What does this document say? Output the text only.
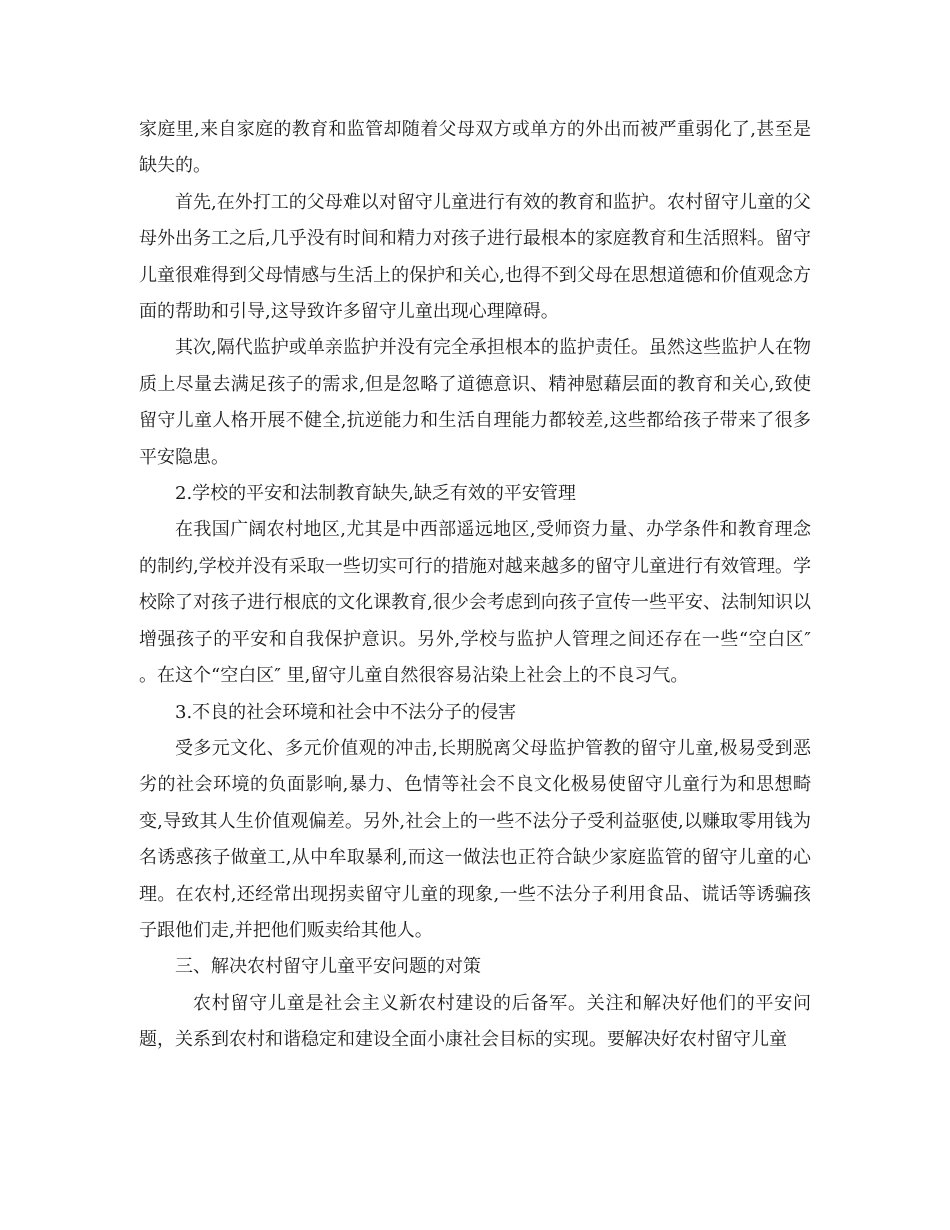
家庭里,来自家庭的教育和监管却随着父母双方或单方的外出而被严重弱化了,甚至是缺失的。

首先,在外打工的父母难以对留守儿童进行有效的教育和监护。农村留守儿童的父母外出务工之后,几乎没有时间和精力对孩子进行最根本的家庭教育和生活照料。留守儿童很难得到父母情感与生活上的保护和关心,也得不到父母在思想道德和价值观念方面的帮助和引导,这导致许多留守儿童出现心理障碍。

其次,隔代监护或单亲监护并没有完全承担根本的监护责任。虽然这些监护人在物质上尽量去满足孩子的需求,但是忽略了道德意识、精神慰藉层面的教育和关心,致使留守儿童人格开展不健全,抗逆能力和生活自理能力都较差,这些都给孩子带来了很多平安隐患。

2.学校的平安和法制教育缺失,缺乏有效的平安管理

在我国广阔农村地区,尤其是中西部遥远地区,受师资力量、办学条件和教育理念的制约,学校并没有采取一些切实可行的措施对越来越多的留守儿童进行有效管理。学校除了对孩子进行根底的文化课教育,很少会考虑到向孩子宣传一些平安、法制知识以增强孩子的平安和自我保护意识。另外,学校与监护人管理之间还存在一些“空白区″ 。在这个“空白区″ 里,留守儿童自然很容易沾染上社会上的不良习气。

3.不良的社会环境和社会中不法分子的侵害

受多元文化、多元价值观的冲击,长期脱离父母监护管教的留守儿童,极易受到恶劣的社会环境的负面影响,暴力、色情等社会不良文化极易使留守儿童行为和思想畸变,导致其人生价值观偏差。另外,社会上的一些不法分子受利益驱使,以赚取零用钱为名诱惑孩子做童工,从中牟取暴利,而这一做法也正符合缺少家庭监管的留守儿童的心理。在农村,还经常出现拐卖留守儿童的现象,一些不法分子利用食品、谎话等诱骗孩子跟他们走,并把他们贩卖给其他人。

三、解决农村留守儿童平安问题的对策

农村留守儿童是社会主义新农村建设的后备军。关注和解决好他们的平安问题，关系到农村和谐稳定和建设全面小康社会目标的实现。要解决好农村留守儿童
